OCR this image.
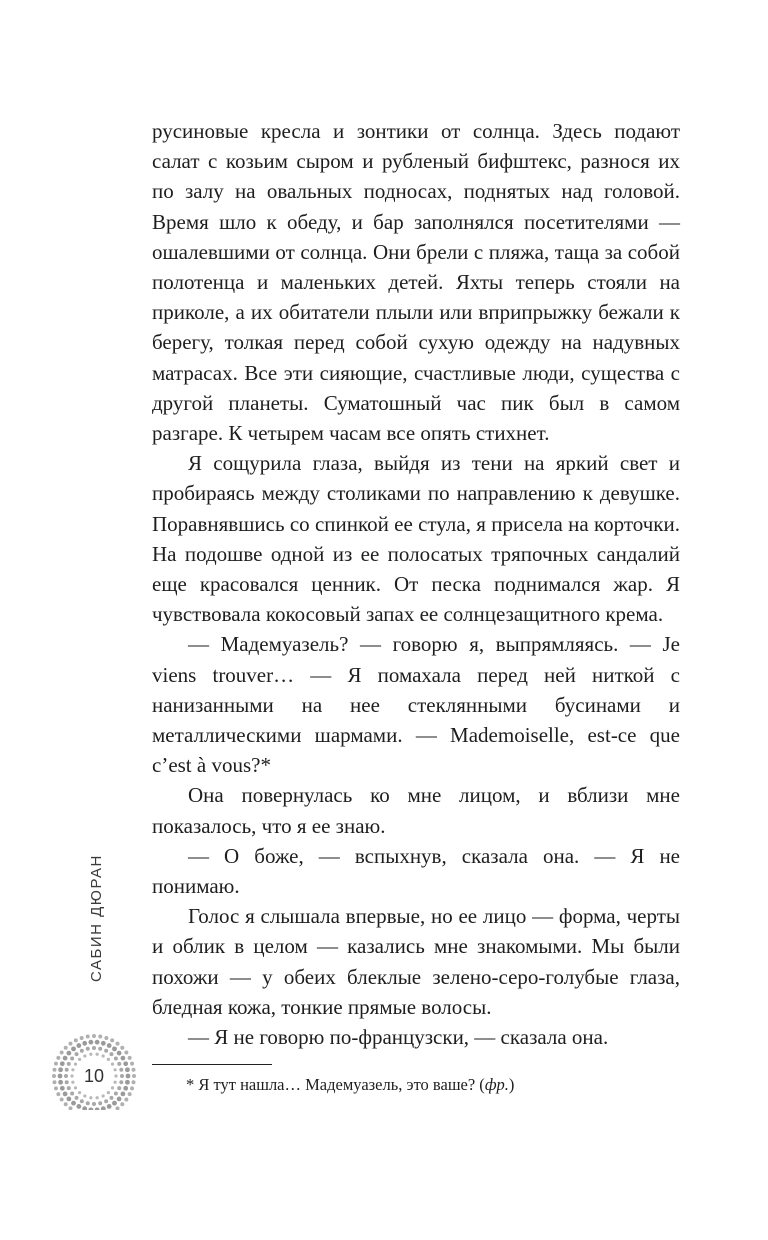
русиновые кресла и зонтики от солнца. Здесь подают салат с козьим сыром и рубленый бифштекс, разнося их по залу на овальных подносах, поднятых над головой. Время шло к обеду, и бар заполнялся посетителями — ошалевшими от солнца. Они брели с пляжа, таща за собой полотенца и маленьких детей. Яхты теперь стояли на приколе, а их обитатели плыли или вприпрыжку бежали к берегу, толкая перед собой сухую одежду на надувных матрасах. Все эти сияющие, счастливые люди, существа с другой планеты. Суматошный час пик был в самом разгаре. К четырем часам все опять стихнет.

Я сощурила глаза, выйдя из тени на яркий свет и пробираясь между столиками по направлению к девушке. Поравнявшись со спинкой ее стула, я присела на корточки. На подошве одной из ее полосатых тряпочных сандалий еще красовался ценник. От песка поднимался жар. Я чувствовала кокосовый запах ее солнцезащитного крема.

— Мадемуазель? — говорю я, выпрямляясь. — Je viens trouver… — Я помахала перед ней ниткой с нанизанными на нее стеклянными бусинами и металлическими шармами. — Mademoiselle, est-ce que c’est à vous?*

Она повернулась ко мне лицом, и вблизи мне показалось, что я ее знаю.

— О боже, — вспыхнув, сказала она. — Я не понимаю.

Голос я слышала впервые, но ее лицо — форма, черты и облик в целом — казались мне знакомыми. Мы были похожи — у обеих блеклые зелено-серо-голубые глаза, бледная кожа, тонкие прямые волосы.

— Я не говорю по-французски, — сказала она.

* Я тут нашла… Мадемуазель, это ваше? (фр.)
САБИН ДЮРАН
10
